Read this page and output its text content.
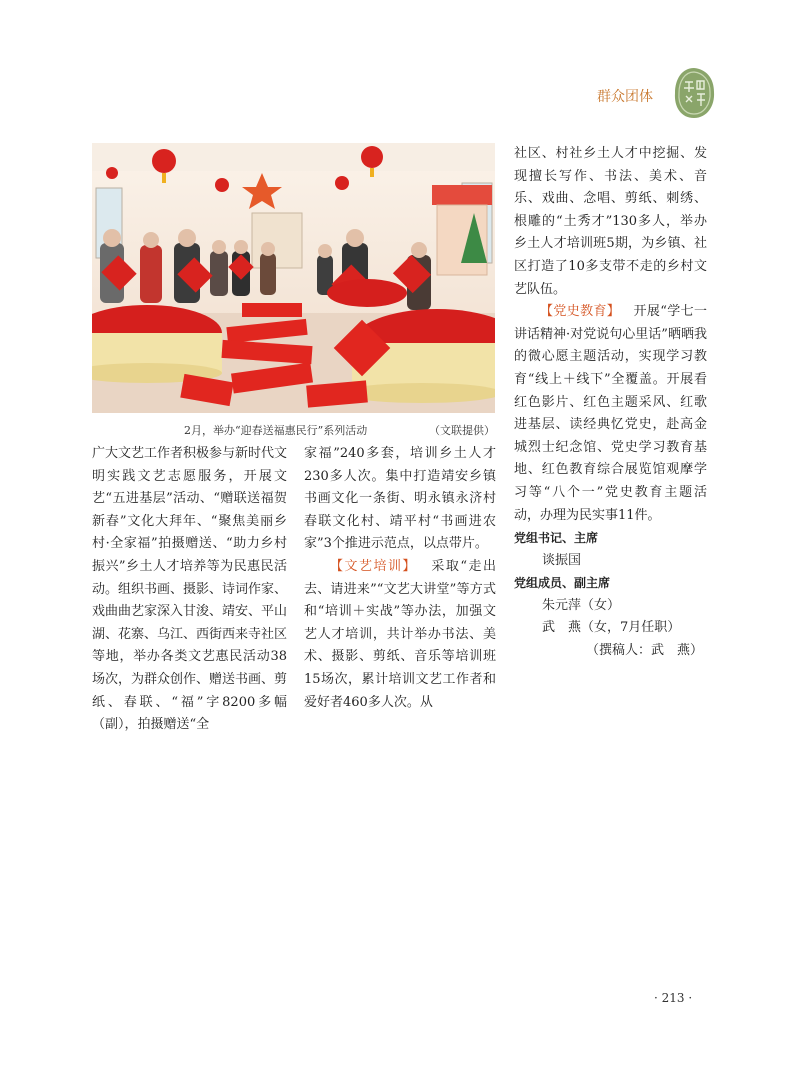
群众团体
2月，举办“迎春送福惠民行”系列活动	（文联提供）

广大文艺工作者积极参与新时代文明实践文艺志愿服务，开展文艺“五进基层”活动、“赠联送福贺新春”文化大拜年、“聚焦美丽乡村·全家福”拍摄赠送、“助力乡村振兴”乡土人才培养等为民惠民活动。组织书画、摄影、诗词作家、戏曲曲艺家深入甘浚、靖安、平山湖、花寨、乌江、西街西来寺社区等地，举办各类文艺惠民活动38场次，为群众创作、赠送书画、剪纸、春联、“福”字8200多幅（副），拍摄赠送“全

家福”240多套，培训乡土人才230多人次。集中打造靖安乡镇书画文化一条街、明永镇永济村春联文化村、靖平村“书画进农家”3个推进示范点，以点带片。

【文艺培训】  采取“走出去、请进来”“文艺大讲堂”等方式和“培训＋实战”等办法，加强文艺人才培训，共计举办书法、美术、摄影、剪纸、音乐等培训班15场次，累计培训文艺工作者和爱好者460多人次。从

社区、村社乡土人才中挖掘、发现擅长写作、书法、美术、音乐、戏曲、念唱、剪纸、刺绣、根雕的“土秀才”130多人，举办乡土人才培训班5期，为乡镇、社区打造了10多支带不走的乡村文艺队伍。

【党史教育】  开展“学七一讲话精神·对党说句心里话”晒晒我的微心愿主题活动，实现学习教育“线上＋线下”全覆盖。开展看红色影片、红色主题采风、红歌进基层、读经典忆党史，赴高金城烈士纪念馆、党史学习教育基地、红色教育综合展览馆观摩学习等“八个一”党史教育主题活动，办理为民实事11件。

党组书记、主席

谈振国

党组成员、副主席

朱元萍（女）

武　燕（女，7月任职）

（撰稿人：武　燕）

· 213 ·
